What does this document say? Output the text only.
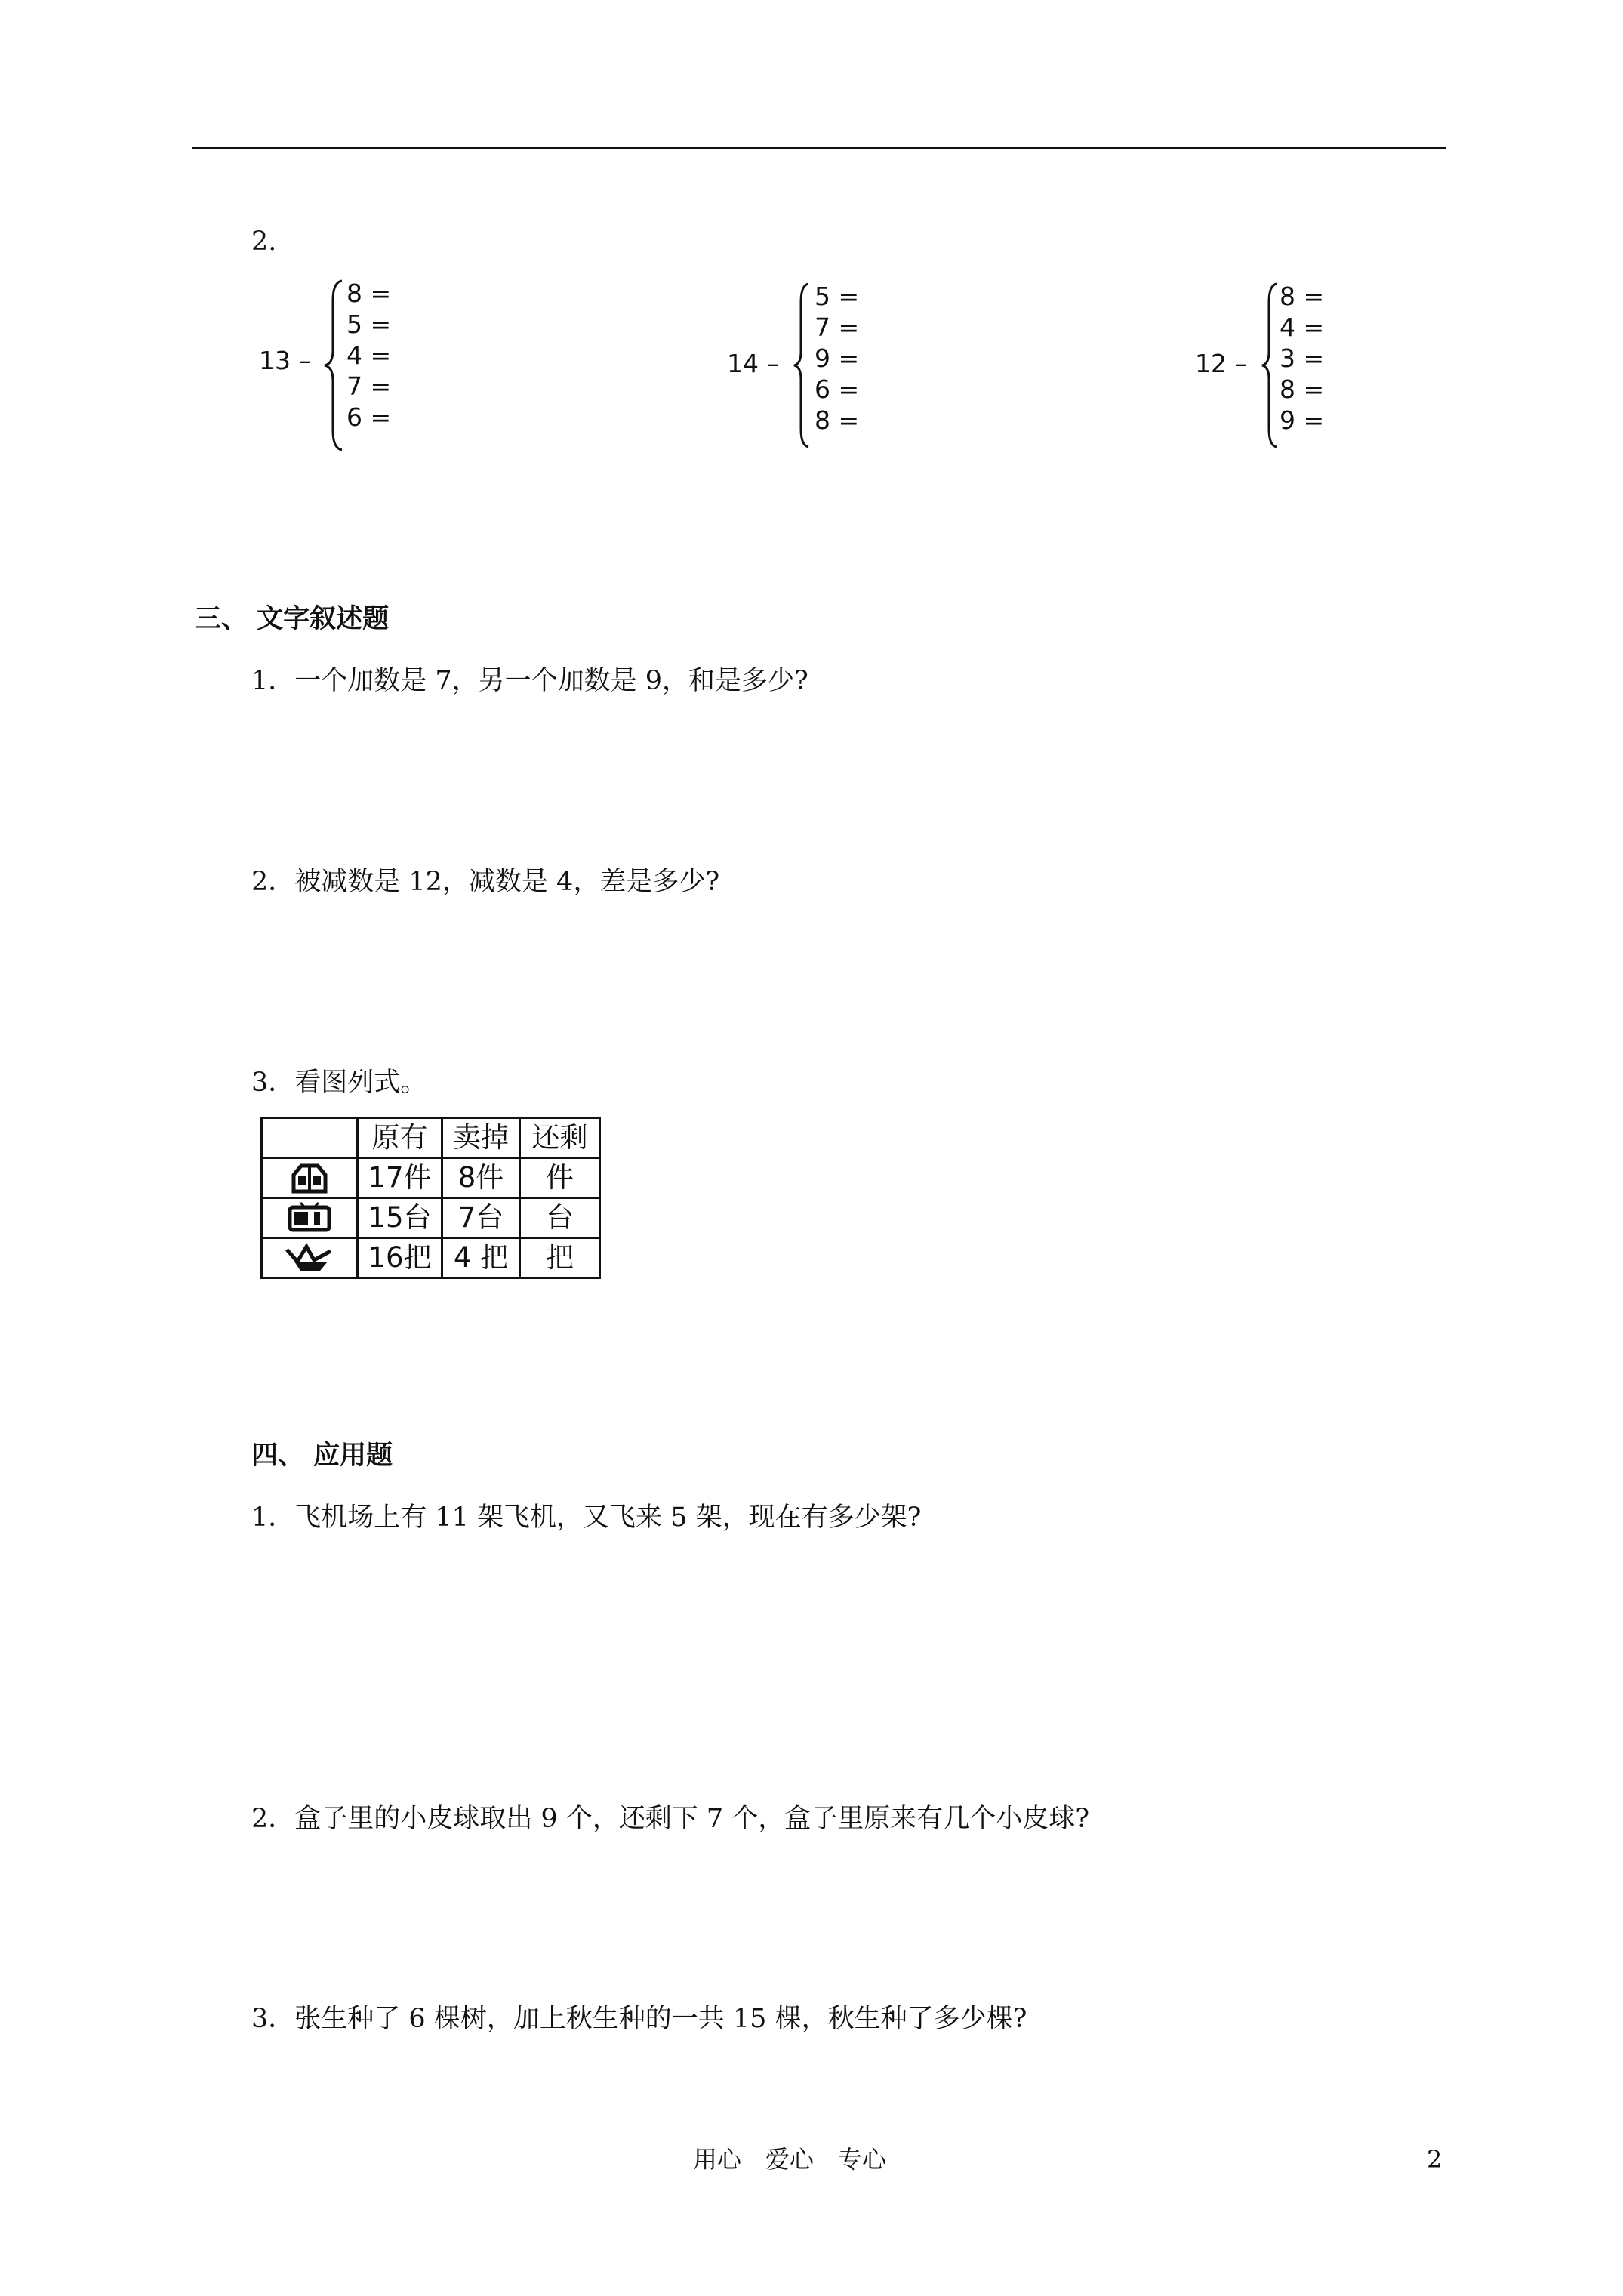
2.
13 –
8 =
5 =
4 =
7 =
6 =
14 –
5 =
7 =
9 =
6 =
8 =
12 –
8 =
4 =
3 =
8 =
9 =
三、 文字叙述题
1．一个加数是 7，另一个加数是 9，和是多少?
2．被减数是 12，减数是 4，差是多少?
3．看图列式。
	原有	卖掉	还剩

	17件	8件	件

	15台	7台	台

	16把	4 把	把
四、 应用题
1．飞机场上有 11 架飞机，又飞来 5 架，现在有多少架?
2．盒子里的小皮球取出 9 个，还剩下 7 个，盒子里原来有几个小皮球?
3．张生种了 6 棵树，加上秋生种的一共 15 棵，秋生种了多少棵?
用心　爱心　专心	2
